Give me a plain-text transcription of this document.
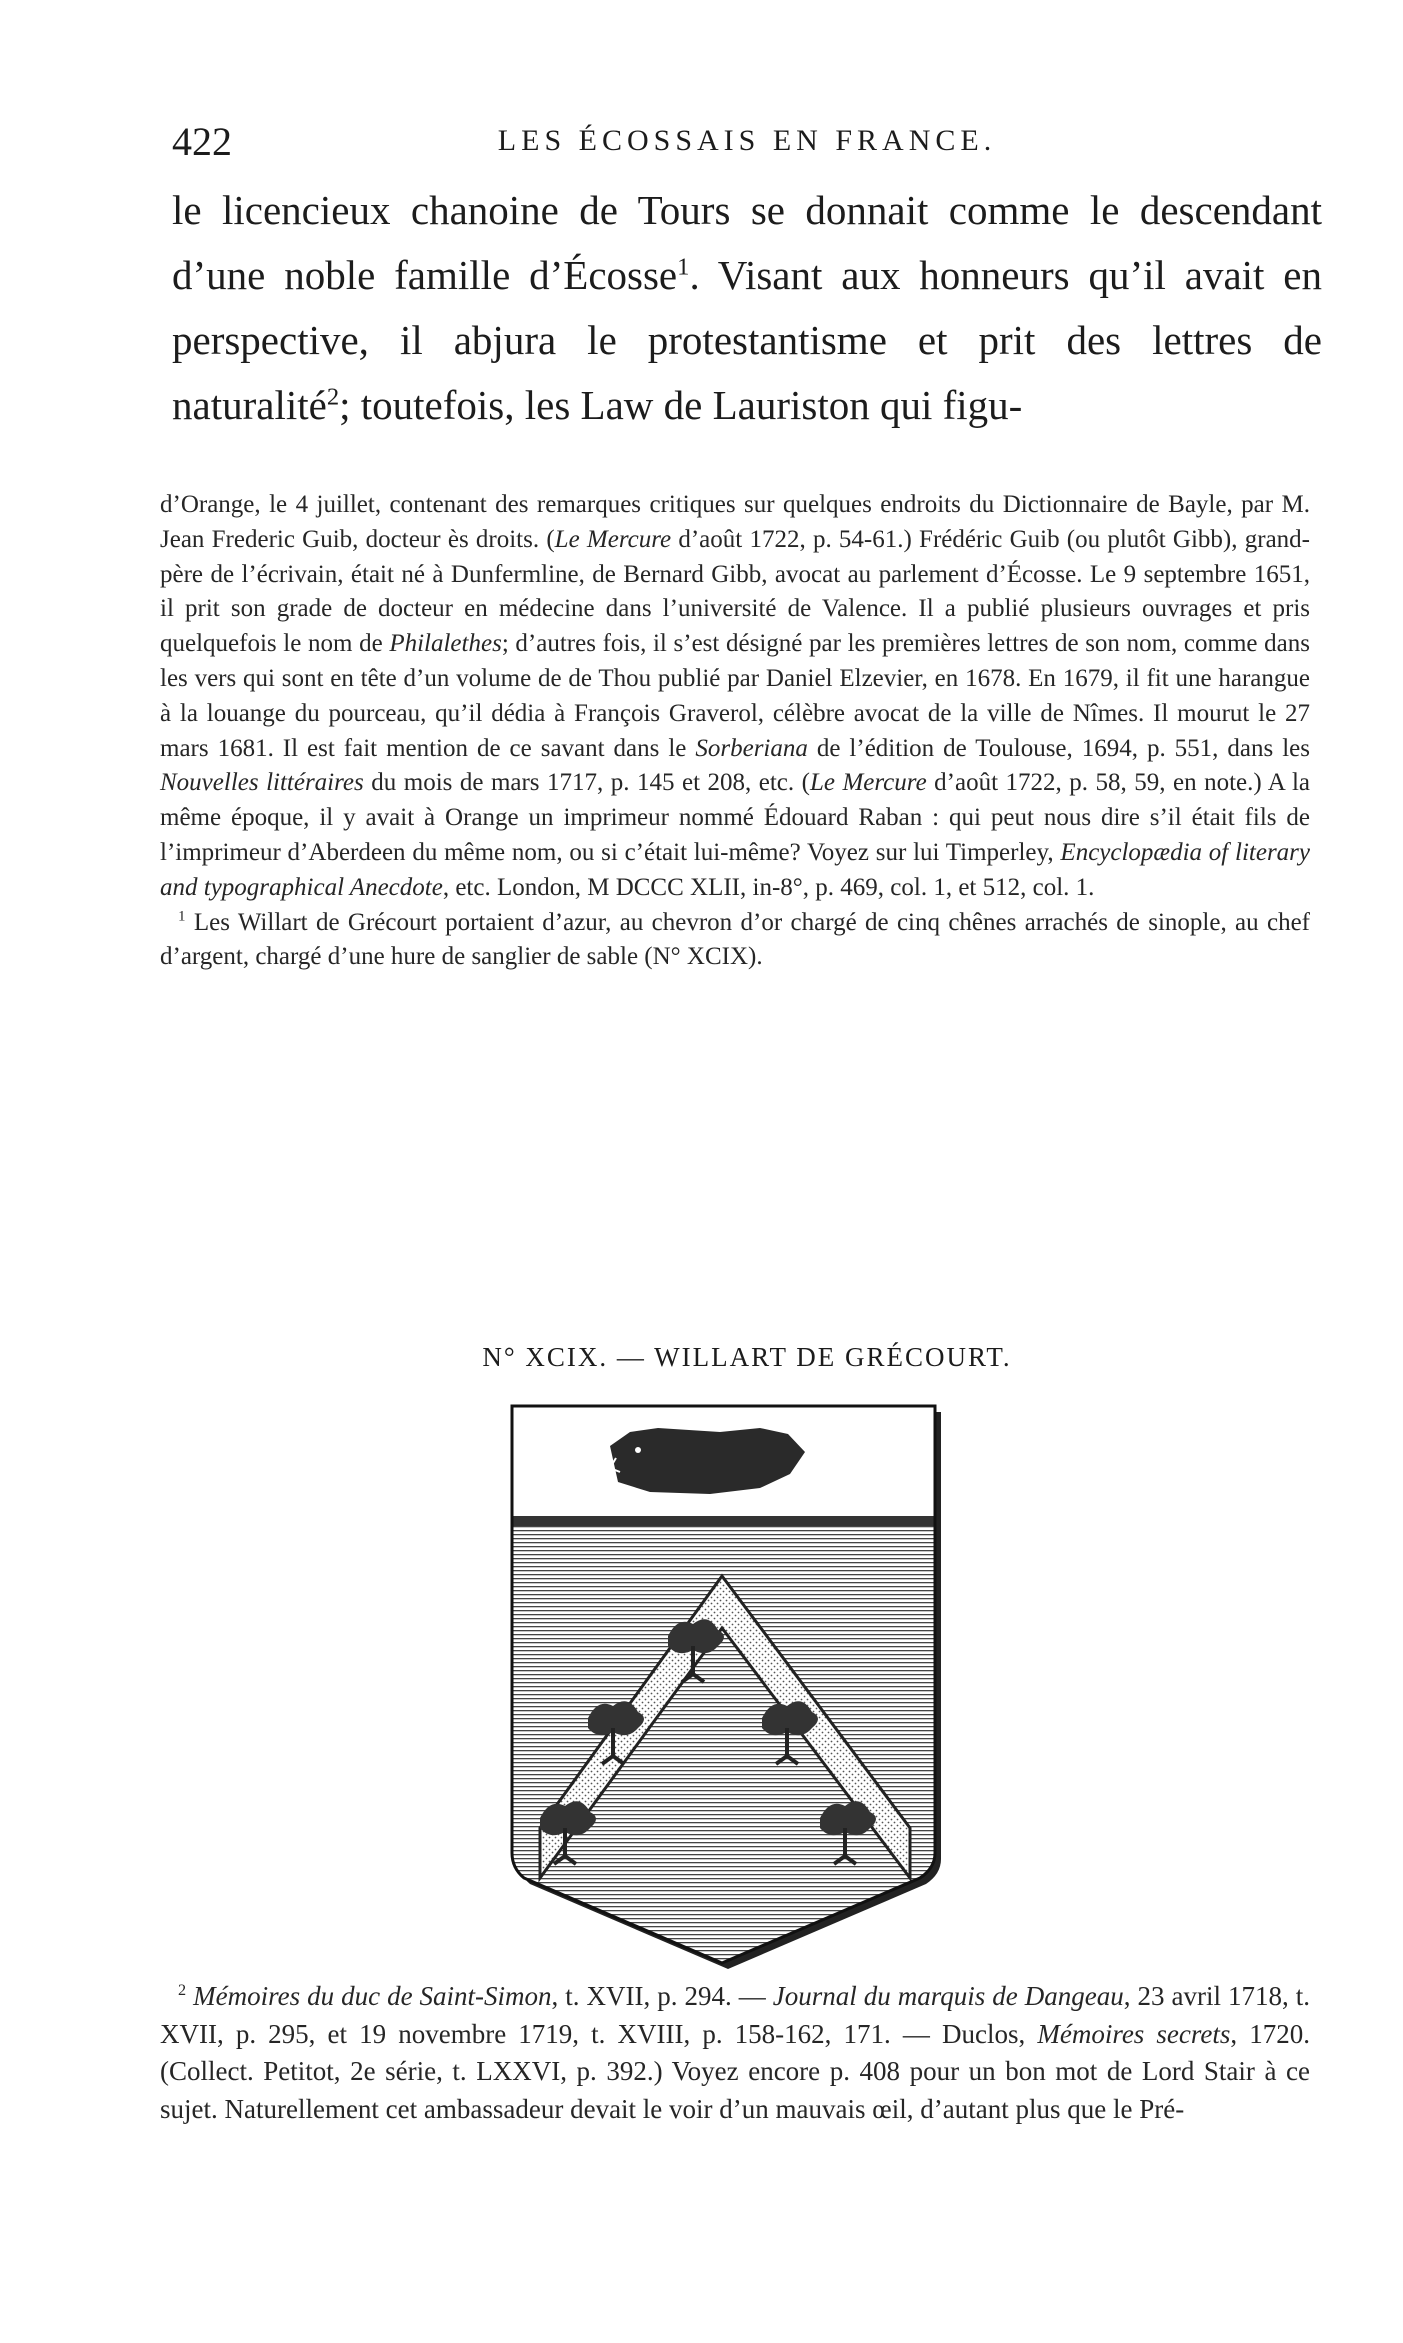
422	LES ÉCOSSAIS EN FRANCE.

le licencieux chanoine de Tours se donnait comme le descendant d’une noble famille d’Écosse$^1$. Visant aux honneurs qu’il avait en perspective, il abjura le protestantisme et prit des lettres de naturalité$^2$; toutefois, les Law de Lauriston qui figu-

d’Orange, le 4 juillet, contenant des remarques critiques sur quelques endroits du Dictionnaire de Bayle, par M. Jean Frederic Guib, docteur ès droits. (Le Mercure d’août 1722, p. 54-61.) Frédéric Guib (ou plutôt Gibb), grand-père de l’écrivain, était né à Dunfermline, de Bernard Gibb, avocat au parlement d’Écosse. Le 9 septembre 1651, il prit son grade de docteur en médecine dans l’université de Valence. Il a publié plusieurs ouvrages et pris quelquefois le nom de Philalethes; d’autres fois, il s’est désigné par les premières lettres de son nom, comme dans les vers qui sont en tête d’un volume de de Thou publié par Daniel Elzevier, en 1678. En 1679, il fit une harangue à la louange du pourceau, qu’il dédia à François Graverol, célèbre avocat de la ville de Nîmes. Il mourut le 27 mars 1681. Il est fait mention de ce savant dans le Sorberiana de l’édition de Toulouse, 1694, p. 551, dans les Nouvelles littéraires du mois de mars 1717, p. 145 et 208, etc. (Le Mercure d’août 1722, p. 58, 59, en note.) A la même époque, il y avait à Orange un imprimeur nommé Édouard Raban : qui peut nous dire s’il était fils de l’imprimeur d’Aberdeen du même nom, ou si c’était lui-même? Voyez sur lui Timperley, Encyclopædia of literary and typographical Anecdote, etc. London, M DCCC XLII, in-8°, p. 469, col. 1, et 512, col. 1.

$^1$ Les Willart de Grécourt portaient d’azur, au chevron d’or chargé de cinq chênes arrachés de sinople, au chef d’argent, chargé d’une hure de sanglier de sable (N° XCIX).

N° XCIX. — WILLART DE GRÉCOURT.

$^2$ Mémoires du duc de Saint-Simon, t. XVII, p. 294. — Journal du marquis de Dangeau, 23 avril 1718, t. XVII, p. 295, et 19 novembre 1719, t. XVIII, p. 158-162, 171. — Duclos, Mémoires secrets, 1720. (Collect. Petitot, 2e série, t. LXXVI, p. 392.) Voyez encore p. 408 pour un bon mot de Lord Stair à ce sujet. Naturellement cet ambassadeur devait le voir d’un mauvais œil, d’autant plus que le Pré-
